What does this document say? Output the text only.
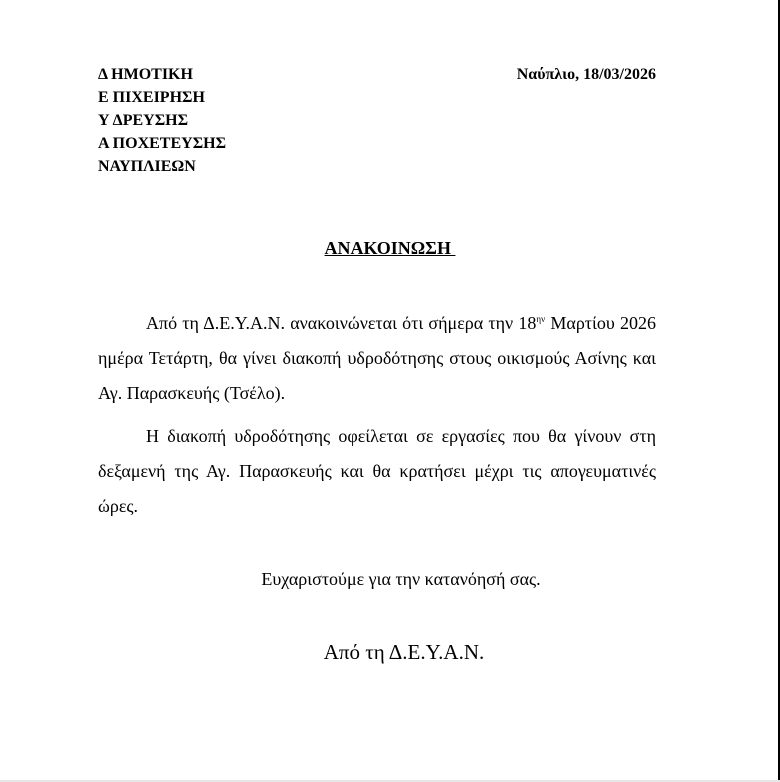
Δ ΗΜΟΤΙΚΗ
Ε ΠΙΧΕΙΡΗΣΗ
Υ ΔΡΕΥΣΗΣ
Α ΠΟΧΕΤΕΥΣΗΣ
ΝΑΥΠΛΙΕΩΝ
Ναύπλιο, 18/03/2026
ΑΝΑΚΟΙΝΩΣΗ
Από τη Δ.Ε.Υ.Α.Ν. ανακοινώνεται ότι σήμερα την $18^{\eta\nu}$ Μαρτίου 2026 ημέρα Τετάρτη, θα γίνει διακοπή υδροδότησης στους οικισμούς Ασίνης και Αγ. Παρασκευής (Τσέλο).
Η διακοπή υδροδότησης οφείλεται σε εργασίες που θα γίνουν στη δεξαμενή της Αγ. Παρασκευής και θα κρατήσει μέχρι τις απογευματινές ώρες.
Ευχαριστούμε για την κατανόησή σας.
Από τη Δ.Ε.Υ.Α.Ν.
